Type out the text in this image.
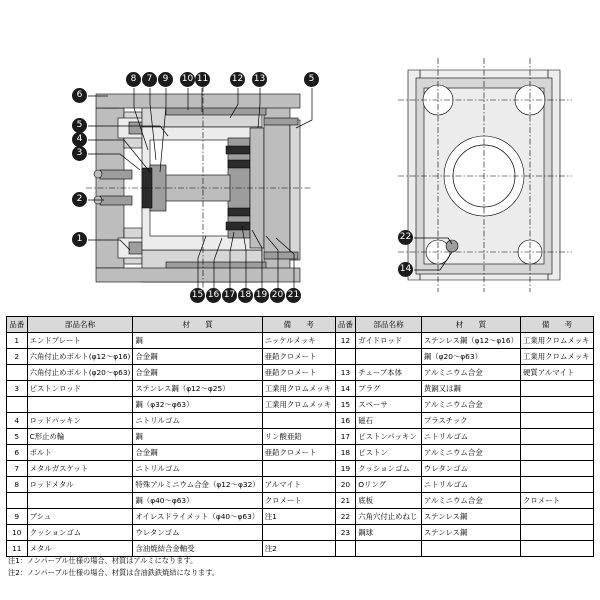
1
2
3
4
5
6
8	7	9	10 11	12 13	5
15 16 17 18 19 20 21
22
14
品番	部品名称	材　　質	備　　考	品番	部品名称	材　　質	備　　考
1	エンドプレート	鋼	ニッケルメッキ	12	ガイドロッド	ステンレス鋼（φ12～φ16）	工業用クロムメッキ
2	六角付止めボルト(φ12～φ16)	合金鋼	亜鉛クロメート			鋼（φ20～φ63）	工業用クロムメッキ
	六角付止めボルト(φ20～φ63)	合金鋼	亜鉛クロメート	13	チューブ本体	アルミニウム合金	硬質アルマイト
3	ピストンロッド	ステンレス鋼（φ12～φ25）	工業用クロムメッキ	14	プラグ	黄銅又は鋼	
		鋼（φ32～φ63）	工業用クロムメッキ	15	スペーサ	アルミニウム合金	
4	ロッドパッキン	ニトリルゴム		16	磁石	プラスチック	
5	C形止め輪	鋼	リン酸亜鉛	17	ピストンパッキン	ニトリルゴム	
6	ボルト	合金鋼	亜鉛クロメート	18	ピストン	アルミニウム合金	
7	メタルガスケット	ニトリルゴム		19	クッションゴム	ウレタンゴム	
8	ロッドメタル	特殊アルミニウム合金（φ12～φ32）	アルマイト	20	Oリング	ニトリルゴム	
		鋼（φ40～φ63）	クロメート	21	底板	アルミニウム合金	クロメート
9	ブシュ	オイレスドライメット（φ40～φ63）	注1	22	六角穴付止めねじ	ステンレス鋼	
10	クッションゴム	ウレタンゴム		23	鋼球	ステンレス鋼	
11	メタル	含油焼結合金軸受	注2				
注1：ノンパーブル仕様の場合、材質はアルミになります。
注2：ノンパーブル仕様の場合、材質は含油鉄鉄焼結になります。
